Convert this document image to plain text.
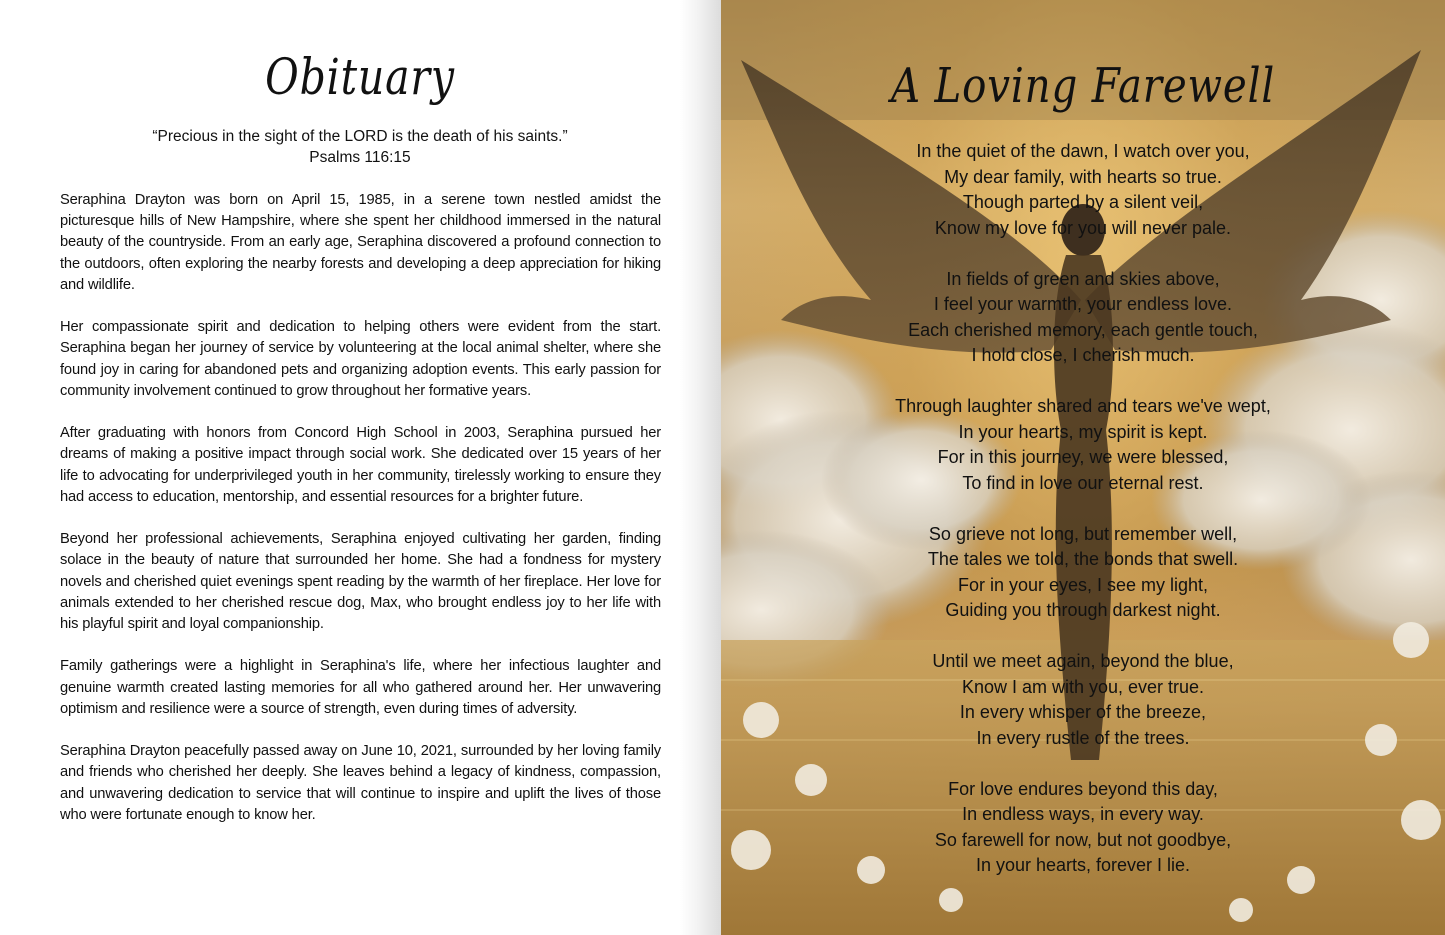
Obituary
“Precious in the sight of the LORD is the death of his saints.”
Psalms 116:15

Seraphina Drayton was born on April 15, 1985, in a serene town nestled amidst the picturesque hills of New Hampshire, where she spent her childhood immersed in the natural beauty of the countryside. From an early age, Seraphina discovered a profound connection to the outdoors, often exploring the nearby forests and developing a deep appreciation for hiking and wildlife.

Her compassionate spirit and dedication to helping others were evident from the start. Seraphina began her journey of service by volunteering at the local animal shelter, where she found joy in caring for abandoned pets and organizing adoption events. This early passion for community involvement continued to grow throughout her formative years.

After graduating with honors from Concord High School in 2003, Seraphina pursued her dreams of making a positive impact through social work. She dedicated over 15 years of her life to advocating for underprivileged youth in her community, tirelessly working to ensure they had access to education, mentorship, and essential resources for a brighter future.

Beyond her professional achievements, Seraphina enjoyed cultivating her garden, finding solace in the beauty of nature that surrounded her home. She had a fondness for mystery novels and cherished quiet evenings spent reading by the warmth of her fireplace. Her love for animals extended to her cherished rescue dog, Max, who brought endless joy to her life with his playful spirit and loyal companionship.

Family gatherings were a highlight in Seraphina's life, where her infectious laughter and genuine warmth created lasting memories for all who gathered around her. Her unwavering optimism and resilience were a source of strength, even during times of adversity.

Seraphina Drayton peacefully passed away on June 10, 2021, surrounded by her loving family and friends who cherished her deeply. She leaves behind a legacy of kindness, compassion, and unwavering dedication to service that will continue to inspire and uplift the lives of those who were fortunate enough to know her.

A Loving Farewell
In the quiet of the dawn, I watch over you,
My dear family, with hearts so true.
Though parted by a silent veil,
Know my love for you will never pale.
In fields of green and skies above,
I feel your warmth, your endless love.
Each cherished memory, each gentle touch,
I hold close, I cherish much.
Through laughter shared and tears we've wept,
In your hearts, my spirit is kept.
For in this journey, we were blessed,
To find in love our eternal rest.
So grieve not long, but remember well,
The tales we told, the bonds that swell.
For in your eyes, I see my light,
Guiding you through darkest night.
Until we meet again, beyond the blue,
Know I am with you, ever true.
In every whisper of the breeze,
In every rustle of the trees.
For love endures beyond this day,
In endless ways, in every way.
So farewell for now, but not goodbye,
In your hearts, forever I lie.
